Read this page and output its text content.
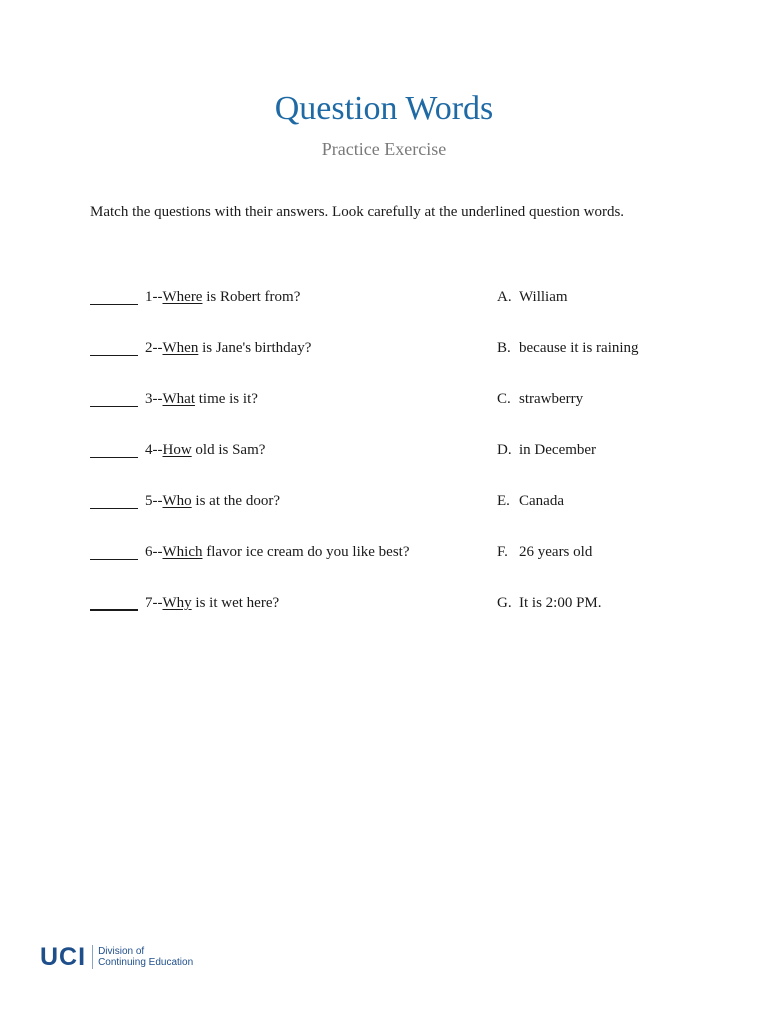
Question Words
Practice Exercise
Match the questions with their answers. Look carefully at the underlined question words.
1--Where is Robert from?	A. William
2--When is Jane's birthday?	B. because it is raining
3--What time is it?	C. strawberry
4--How old is Sam?	D. in December
5--Who is at the door?	E. Canada
6--Which flavor ice cream do you like best?	F. 26 years old
7--Why is it wet here?	G. It is 2:00 PM.
UCI Division of
Continuing Education
